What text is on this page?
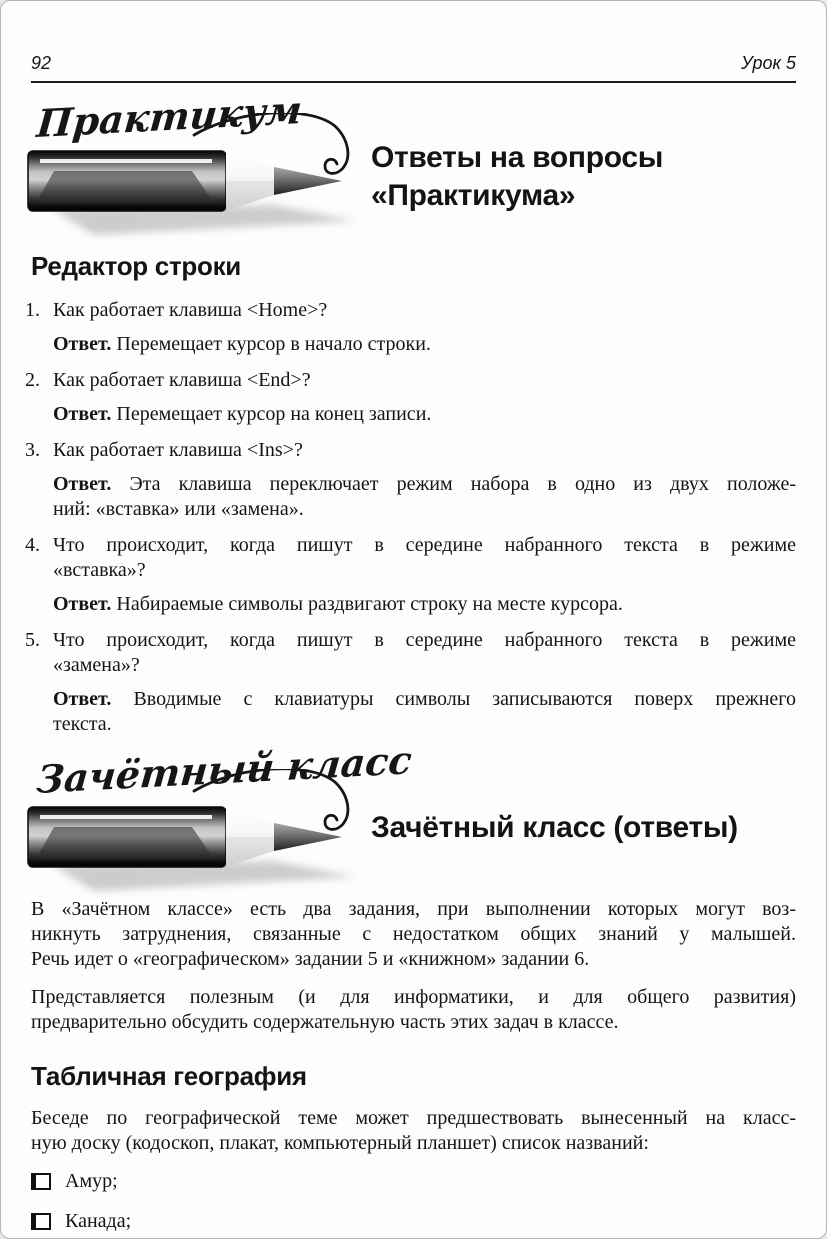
92	Урок 5
Практикум
Ответы на вопросы
«Практикума»
Редактор строки
1. Как работает клавиша <Home>?
Ответ. Перемещает курсор в начало строки.
2. Как работает клавиша <End>?
Ответ. Перемещает курсор на конец записи.
3. Как работает клавиша <Ins>?
Ответ. Эта клавиша переключает режим набора в одно из двух положе-
ний: «вставка» или «замена».
4. Что происходит, когда пишут в середине набранного текста в режиме
«вставка»?
Ответ. Набираемые символы раздвигают строку на месте курсора.
5. Что происходит, когда пишут в середине набранного текста в режиме
«замена»?
Ответ. Вводимые с клавиатуры символы записываются поверх прежнего
текста.
Зачётный класс
Зачётный класс (ответы)

В «Зачётном классе» есть два задания, при выполнении которых могут воз-
никнуть затруднения, связанные с недостатком общих знаний у малышей.
Речь идет о «географическом» задании 5 и «книжном» задании 6.

Представляется полезным (и для информатики, и для общего развития)
предварительно обсудить содержательную часть этих задач в классе.

Табличная география

Беседе по географической теме может предшествовать вынесенный на класс-
ную доску (кодоскоп, плакат, компьютерный планшет) список названий:

Амур;
Канада;
